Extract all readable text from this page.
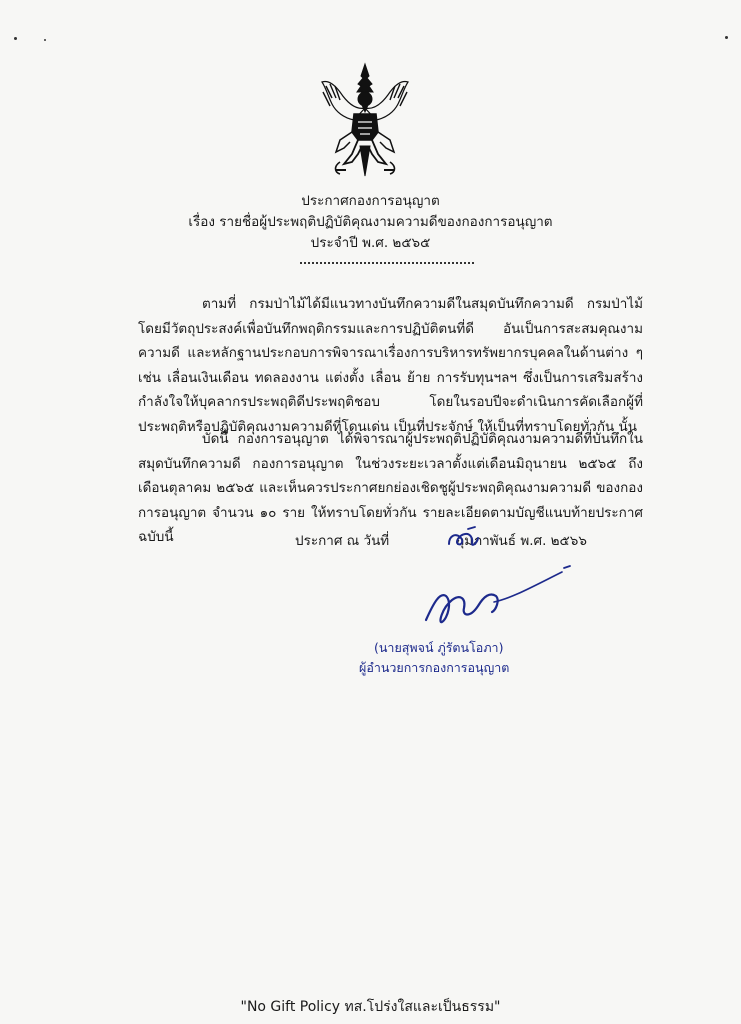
ประกาศกองการอนุญาต
เรื่อง รายชื่อผู้ประพฤติปฏิบัติคุณงามความดีของกองการอนุญาต
ประจำปี พ.ศ. ๒๕๖๕
ตามที่ กรมป่าไม้ได้มีแนวทางบันทึกความดีในสมุดบันทึกความดี กรมป่าไม้ โดยมีวัตถุประสงค์เพื่อบันทึกพฤติกรรมและการปฏิบัติตนที่ดี อันเป็นการสะสมคุณงามความดี และหลักฐานประกอบการพิจารณาเรื่องการบริหารทรัพยากรบุคคลในด้านต่าง ๆ เช่น เลื่อนเงินเดือน ทดลองงาน แต่งตั้ง เลื่อน ย้าย การรับทุนฯลฯ ซึ่งเป็นการเสริมสร้างกำลังใจให้บุคลากรประพฤติดีประพฤติชอบ โดยในรอบปีจะดำเนินการคัดเลือกผู้ที่ประพฤติหรือปฏิบัติคุณงามความดีที่โดนเด่น เป็นที่ประจักษ์ ให้เป็นที่ทราบโดยทั่วกัน นั้น
บัดนี้ กองการอนุญาต ได้พิจารณาผู้ประพฤติปฏิบัติคุณงามความดีที่บันทึกในสมุดบันทึกความดี กองการอนุญาต ในช่วงระยะเวลาตั้งแต่เดือนมิถุนายน ๒๕๖๕ ถึง เดือนตุลาคม ๒๕๖๕ และเห็นควรประกาศยกย่องเชิดชูผู้ประพฤติคุณงามความดี ของกองการอนุญาต จำนวน ๑๐ ราย ให้ทราบโดยทั่วกัน รายละเอียดตามบัญชีแนบท้ายประกาศฉบับนี้	ประกาศ ณ วันที่	กุมภาพันธ์ พ.ศ. ๒๕๖๖
(นายสุพจน์ ภู่รัตนโอภา)
ผู้อำนวยการกองการอนุญาต
"No Gift Policy ทส.โปร่งใสและเป็นธรรม"
